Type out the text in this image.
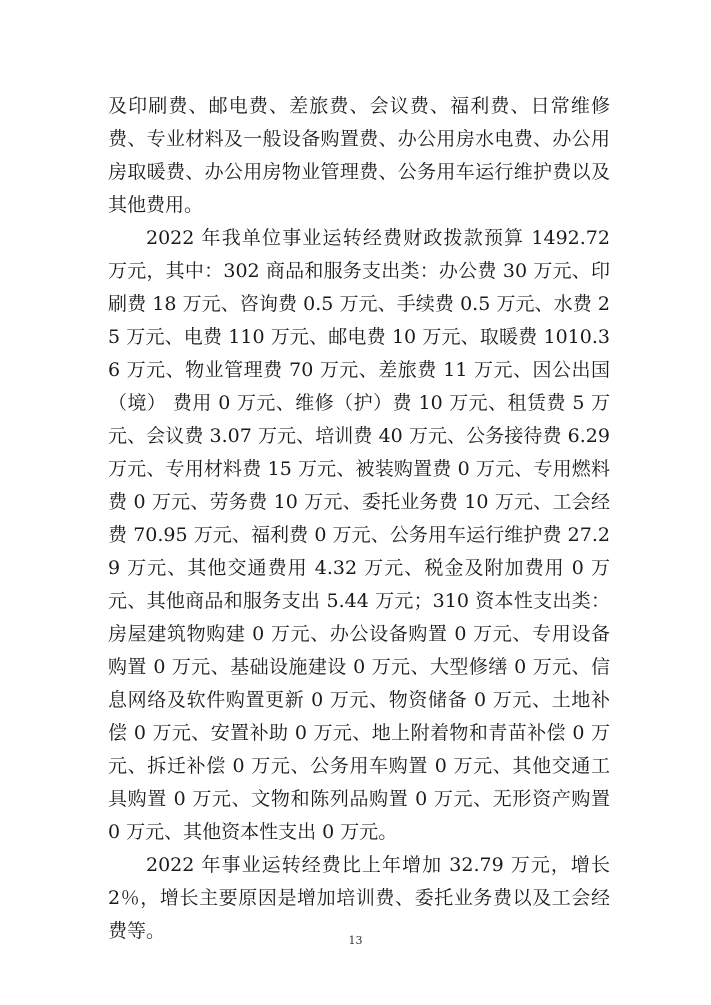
及印刷费、邮电费、差旅费、会议费、福利费、日常维修费、专业材料及一般设备购置费、办公用房水电费、办公用房取暖费、办公用房物业管理费、公务用车运行维护费以及其他费用。

2022 年我单位事业运转经费财政拨款预算 1492.72 万元，其中：302 商品和服务支出类：办公费 30 万元、印刷费 18 万元、咨询费 0.5 万元、手续费 0.5 万元、水费 25 万元、电费 110 万元、邮电费 10 万元、取暖费 1010.36 万元、物业管理费 70 万元、差旅费 11 万元、因公出国（境） 费用 0 万元、维修（护）费 10 万元、租赁费 5 万元、会议费 3.07 万元、培训费 40 万元、公务接待费 6.29 万元、专用材料费 15 万元、被装购置费 0 万元、专用燃料费 0 万元、劳务费 10 万元、委托业务费 10 万元、工会经费 70.95 万元、福利费 0 万元、公务用车运行维护费 27.29 万元、其他交通费用 4.32 万元、税金及附加费用 0 万元、其他商品和服务支出 5.44 万元；310 资本性支出类：房屋建筑物购建 0 万元、办公设备购置 0 万元、专用设备购置 0 万元、基础设施建设 0 万元、大型修缮 0 万元、信息网络及软件购置更新 0 万元、物资储备 0 万元、土地补偿 0 万元、安置补助 0 万元、地上附着物和青苗补偿 0 万元、拆迁补偿 0 万元、公务用车购置 0 万元、其他交通工具购置 0 万元、文物和陈列品购置 0 万元、无形资产购置 0 万元、其他资本性支出 0 万元。

2022 年事业运转经费比上年增加 32.79 万元，增长 2％，增长主要原因是增加培训费、委托业务费以及工会经费等。	13
